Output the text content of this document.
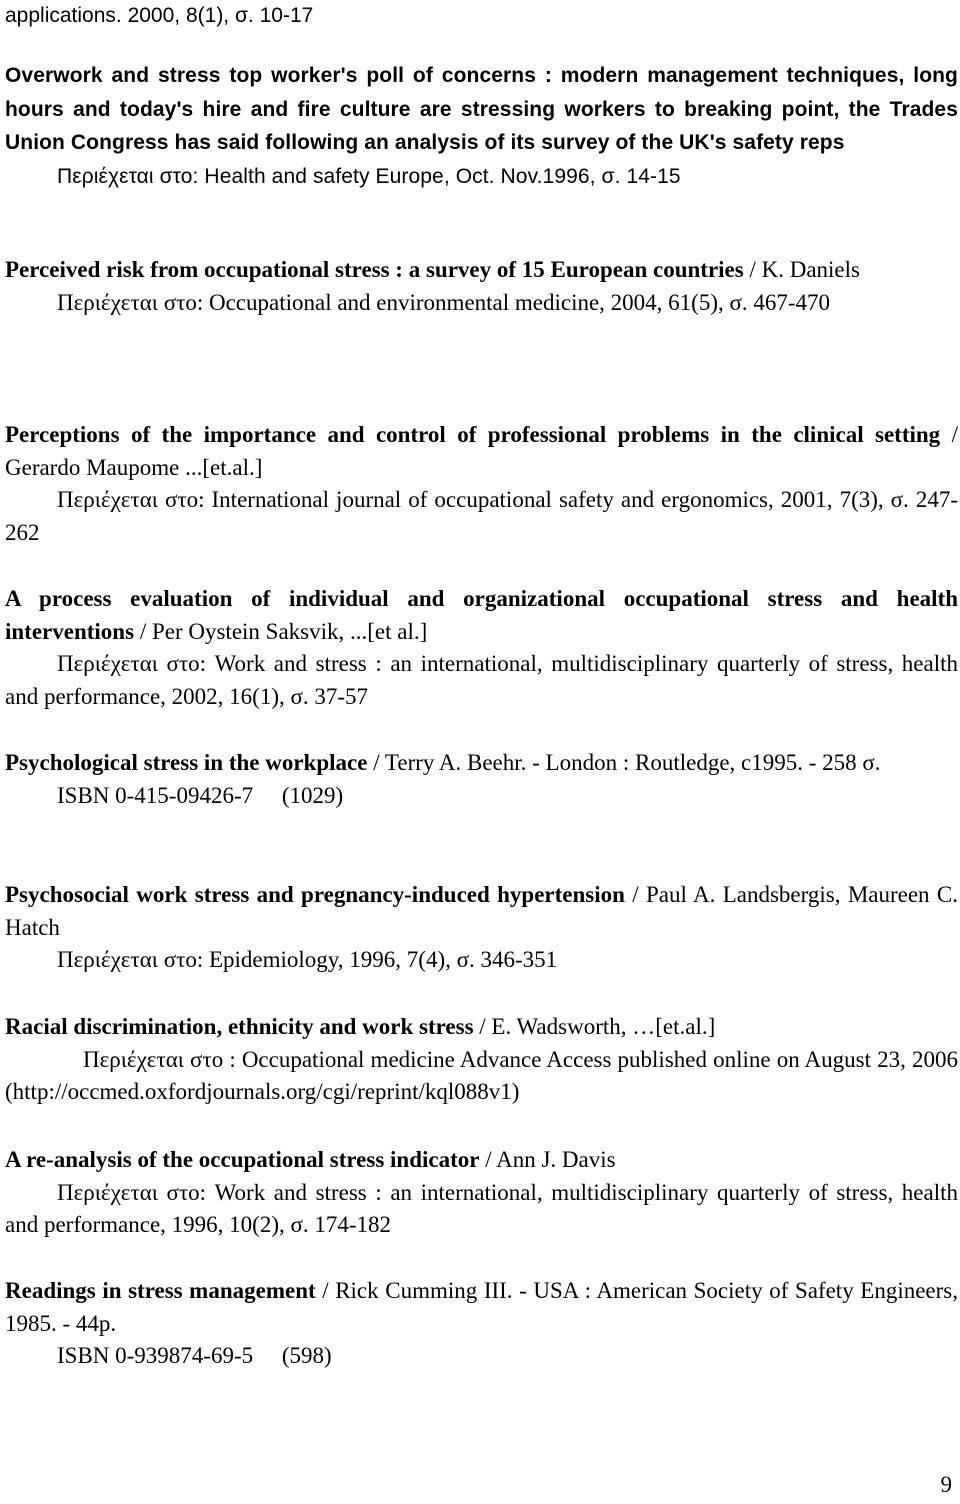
applications. 2000, 8(1), σ. 10-17

Overwork and stress top worker's poll of concerns : modern management techniques, long hours and today's hire and fire culture are stressing workers to breaking point, the Trades Union Congress has said following an analysis of its survey of the UK's safety reps

Περιέχεται στο: Health and safety Europe, Oct. Nov.1996, σ. 14-15

Perceived risk from occupational stress : a survey of 15 European countries / K. Daniels

Περιέχεται στο: Occupational and environmental medicine, 2004, 61(5), σ. 467-470

Perceptions of the importance and control of professional problems in the clinical setting / Gerardo Maupome ...[et.al.]

Περιέχεται στο: International journal of occupational safety and ergonomics, 2001, 7(3), σ. 247-262

A process evaluation of individual and organizational occupational stress and health interventions / Per Oystein Saksvik, ...[et al.]

Περιέχεται στο: Work and stress : an international, multidisciplinary quarterly of stress, health and performance, 2002, 16(1), σ. 37-57

Psychological stress in the workplace / Terry A. Beehr. - London : Routledge, c1995. - 258 σ.

ISBN 0-415-09426-7     (1029)

Psychosocial work stress and pregnancy-induced hypertension / Paul A. Landsbergis, Maureen C. Hatch

Περιέχεται στο: Epidemiology, 1996, 7(4), σ. 346-351

Racial discrimination, ethnicity and work stress / E. Wadsworth, …[et.al.]

Περιέχεται στο : Occupational medicine Advance Access published online on August 23, 2006 (http://occmed.oxfordjournals.org/cgi/reprint/kql088v1)

A re-analysis of the occupational stress indicator / Ann J. Davis

Περιέχεται στο: Work and stress : an international, multidisciplinary quarterly of stress, health and performance, 1996, 10(2), σ. 174-182

Readings in stress management / Rick Cumming III. - USA : American Society of Safety Engineers, 1985. - 44p.

ISBN 0-939874-69-5     (598)

9
